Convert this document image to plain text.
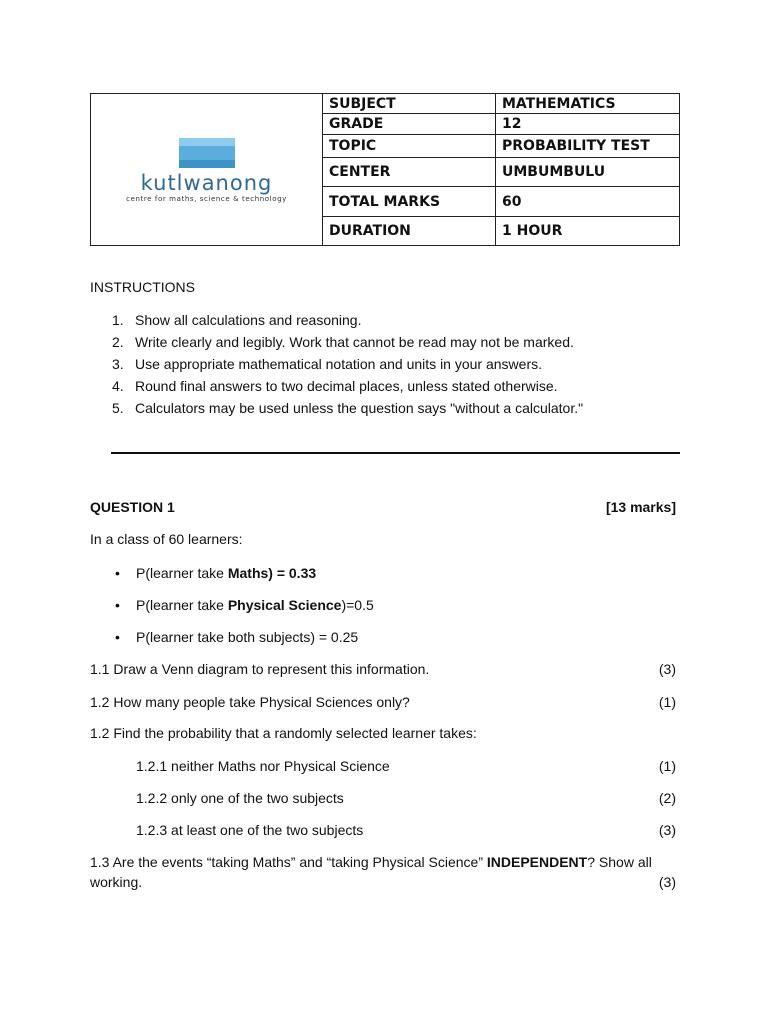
kutlwanong
centre for maths, science & technology	SUBJECT	MATHEMATICS
	GRADE	12
	TOPIC	PROBABILITY TEST
	CENTER	UMBUMBULU
	TOTAL MARKS	60
	DURATION	1 HOUR
INSTRUCTIONS
1. Show all calculations and reasoning.
2. Write clearly and legibly. Work that cannot be read may not be marked.
3. Use appropriate mathematical notation and units in your answers.
4. Round final answers to two decimal places, unless stated otherwise.
5. Calculators may be used unless the question says "without a calculator."
QUESTION 1	[13 marks]
In a class of 60 learners:
• P(learner take Maths) = 0.33
• P(learner take Physical Science)=0.5
• P(learner take both subjects) = 0.25
1.1 Draw a Venn diagram to represent this information.	(3)
1.2 How many people take Physical Sciences only?	(1)
1.2 Find the probability that a randomly selected learner takes:
1.2.1 neither Maths nor Physical Science	(1)
1.2.2 only one of the two subjects	(2)
1.2.3 at least one of the two subjects	(3)
1.3 Are the events “taking Maths” and “taking Physical Science” INDEPENDENT? Show all
working.	(3)
